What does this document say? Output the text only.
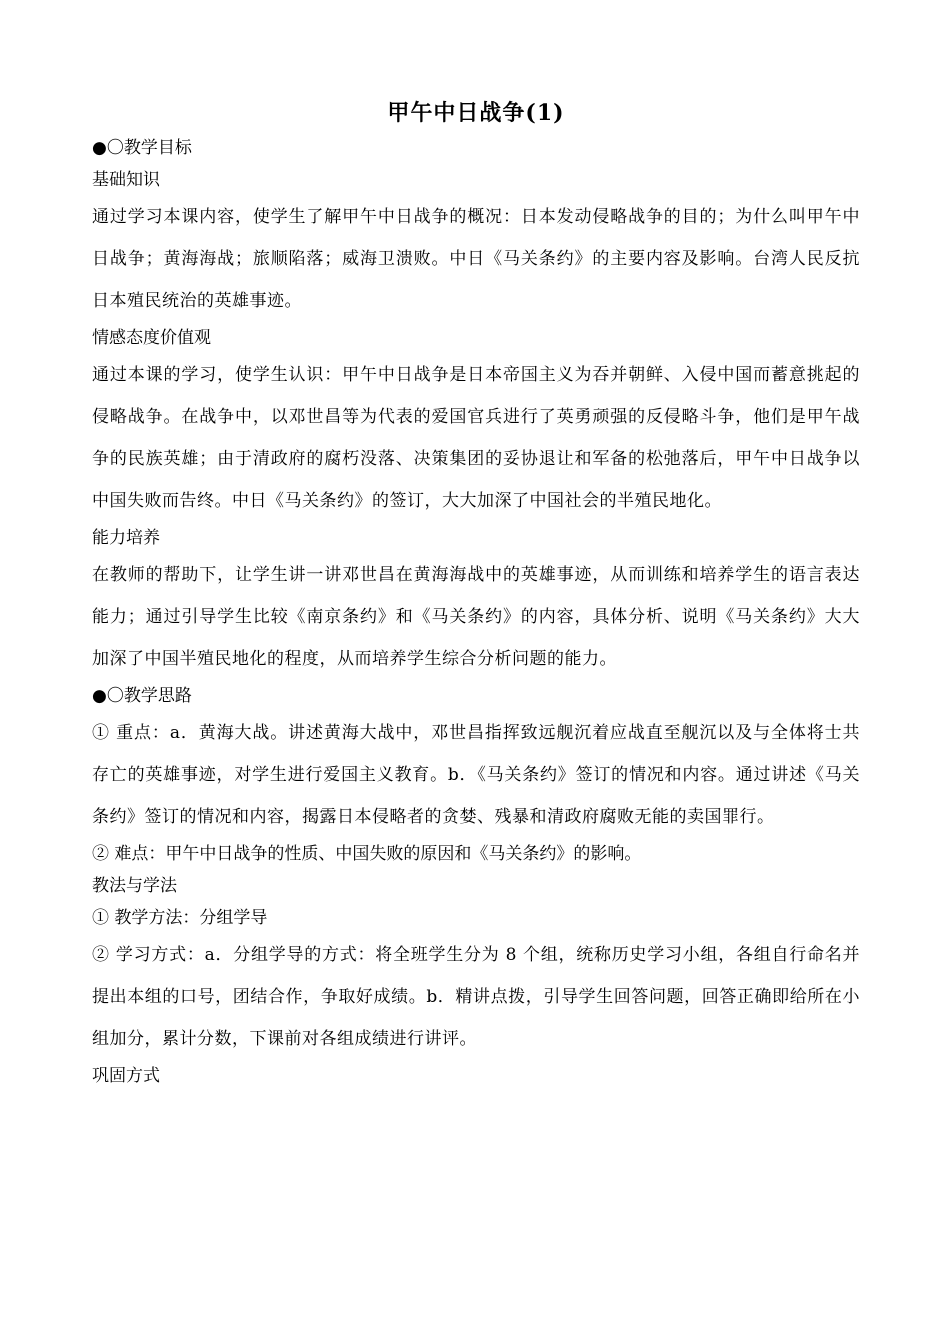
甲午中日战争(1)
●〇教学目标
基础知识

通过学习本课内容，使学生了解甲午中日战争的概况：日本发动侵略战争的目的；为什么叫甲午中日战争；黄海海战；旅顺陷落；威海卫溃败。中日《马关条约》的主要内容及影响。台湾人民反抗日本殖民统治的英雄事迹。

情感态度价值观

通过本课的学习，使学生认识：甲午中日战争是日本帝国主义为吞并朝鲜、入侵中国而蓄意挑起的侵略战争。在战争中，以邓世昌等为代表的爱国官兵进行了英勇顽强的反侵略斗争，他们是甲午战争的民族英雄；由于清政府的腐朽没落、决策集团的妥协退让和军备的松弛落后，甲午中日战争以中国失败而告终。中日《马关条约》的签订，大大加深了中国社会的半殖民地化。

能力培养

在教师的帮助下，让学生讲一讲邓世昌在黄海海战中的英雄事迹，从而训练和培养学生的语言表达能力；通过引导学生比较《南京条约》和《马关条约》的内容，具体分析、说明《马关条约》大大加深了中国半殖民地化的程度，从而培养学生综合分析问题的能力。

●〇教学思路

① 重点：a．黄海大战。讲述黄海大战中，邓世昌指挥致远舰沉着应战直至舰沉以及与全体将士共存亡的英雄事迹，对学生进行爱国主义教育。b．《马关条约》签订的情况和内容。通过讲述《马关条约》签订的情况和内容，揭露日本侵略者的贪婪、残暴和清政府腐败无能的卖国罪行。

② 难点：甲午中日战争的性质、中国失败的原因和《马关条约》的影响。
教法与学法
① 教学方法：分组学导

② 学习方式：a．分组学导的方式：将全班学生分为 8 个组，统称历史学习小组，各组自行命名并提出本组的口号，团结合作，争取好成绩。b．精讲点拨，引导学生回答问题，回答正确即给所在小组加分，累计分数，下课前对各组成绩进行讲评。

巩固方式
